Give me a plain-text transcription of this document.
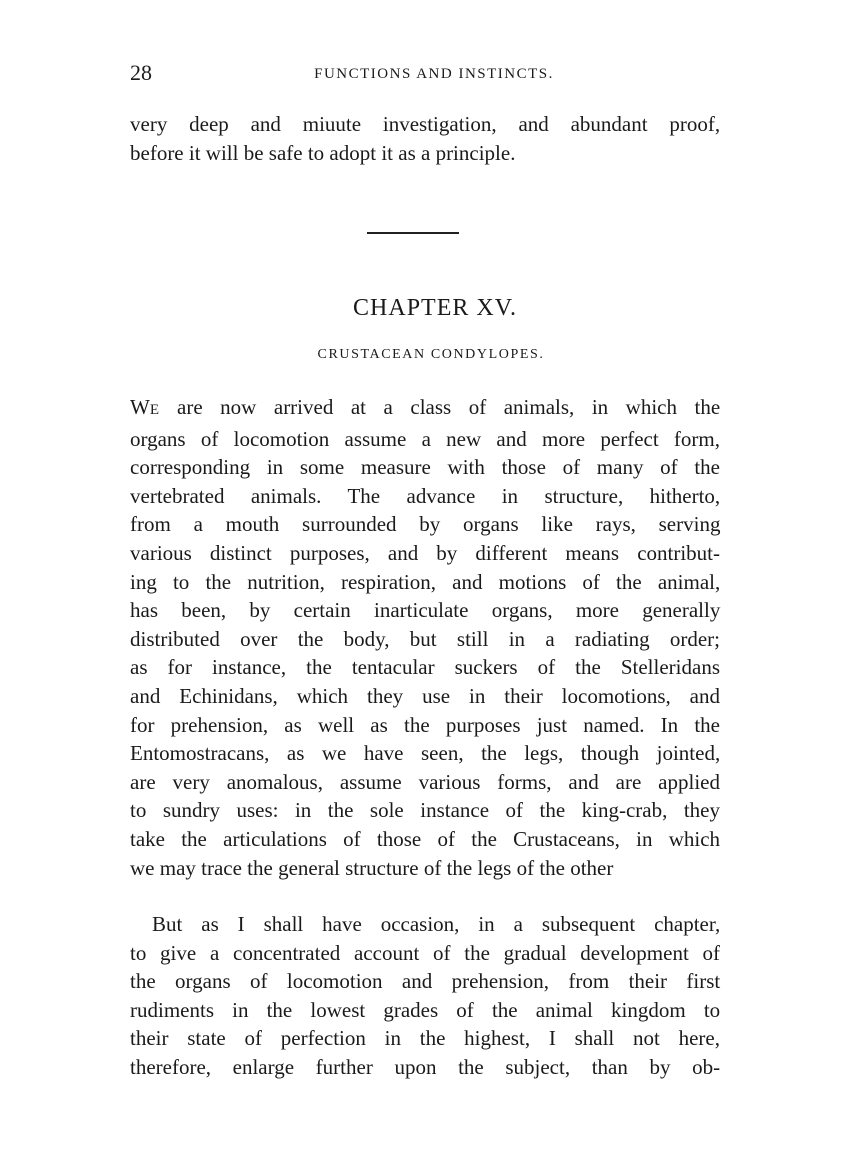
28	FUNCTIONS AND INSTINCTS.
very deep and miuute investigation, and abundant proof,
before it will be safe to adopt it as a principle.
CHAPTER XV.
CRUSTACEAN CONDYLOPES.
WE are now arrived at a class of animals, in which the
organs of locomotion assume a new and more perfect form,
corresponding in some measure with those of many of the
vertebrated animals. The advance in structure, hitherto,
from a mouth surrounded by organs like rays, serving
various distinct purposes, and by different means contribut-
ing to the nutrition, respiration, and motions of the animal,
has been, by certain inarticulate organs, more generally
distributed over the body, but still in a radiating order;
as for instance, the tentacular suckers of the Stelleridans
and Echinidans, which they use in their locomotions, and
for prehension, as well as the purposes just named. In the
Entomostracans, as we have seen, the legs, though jointed,
are very anomalous, assume various forms, and are applied
to sundry uses: in the sole instance of the king-crab, they
take the articulations of those of the Crustaceans, in which
we may trace the general structure of the legs of the other
But as I shall have occasion, in a subsequent chapter,
to give a concentrated account of the gradual development of
the organs of locomotion and prehension, from their first
rudiments in the lowest grades of the animal kingdom to
their state of perfection in the highest, I shall not here,
therefore, enlarge further upon the subject, than by ob-
